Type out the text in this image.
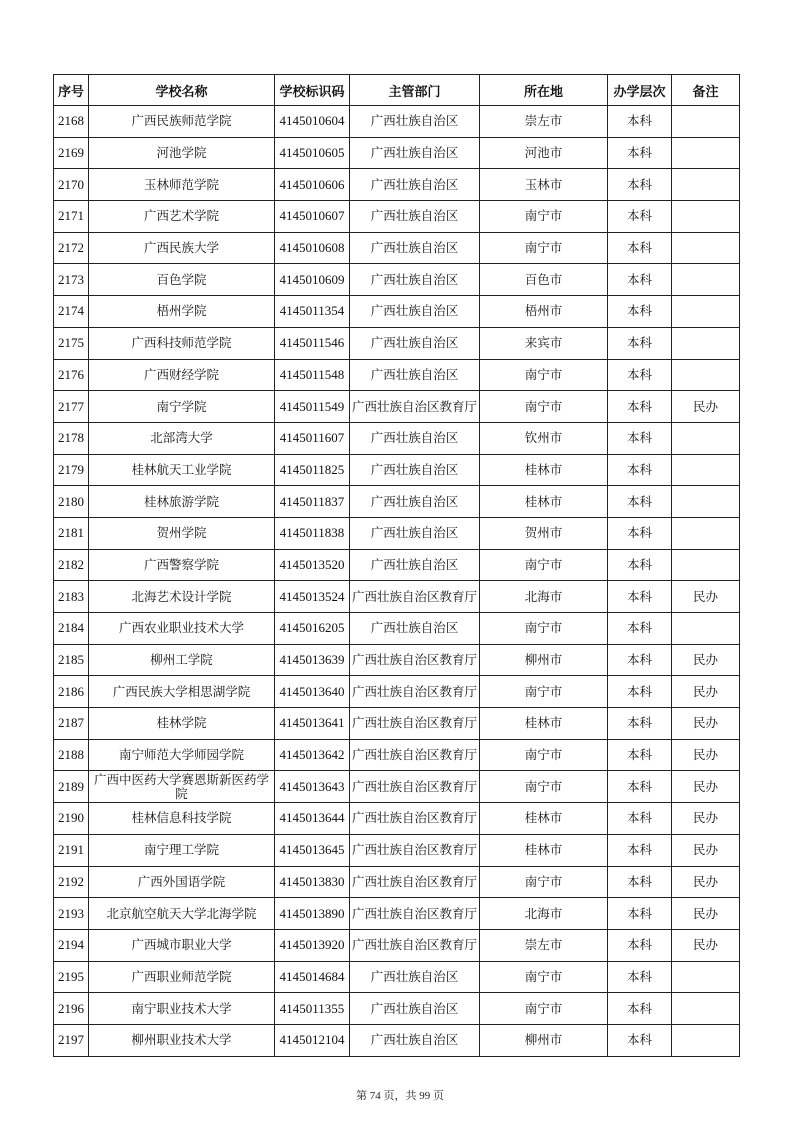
序号	学校名称	学校标识码	主管部门	所在地	办学层次	备注
2168	广西民族师范学院	4145010604	广西壮族自治区	崇左市	本科	
2169	河池学院	4145010605	广西壮族自治区	河池市	本科	
2170	玉林师范学院	4145010606	广西壮族自治区	玉林市	本科	
2171	广西艺术学院	4145010607	广西壮族自治区	南宁市	本科	
2172	广西民族大学	4145010608	广西壮族自治区	南宁市	本科	
2173	百色学院	4145010609	广西壮族自治区	百色市	本科	
2174	梧州学院	4145011354	广西壮族自治区	梧州市	本科	
2175	广西科技师范学院	4145011546	广西壮族自治区	来宾市	本科	
2176	广西财经学院	4145011548	广西壮族自治区	南宁市	本科	
2177	南宁学院	4145011549	广西壮族自治区教育厅	南宁市	本科	民办
2178	北部湾大学	4145011607	广西壮族自治区	钦州市	本科	
2179	桂林航天工业学院	4145011825	广西壮族自治区	桂林市	本科	
2180	桂林旅游学院	4145011837	广西壮族自治区	桂林市	本科	
2181	贺州学院	4145011838	广西壮族自治区	贺州市	本科	
2182	广西警察学院	4145013520	广西壮族自治区	南宁市	本科	
2183	北海艺术设计学院	4145013524	广西壮族自治区教育厅	北海市	本科	民办
2184	广西农业职业技术大学	4145016205	广西壮族自治区	南宁市	本科	
2185	柳州工学院	4145013639	广西壮族自治区教育厅	柳州市	本科	民办
2186	广西民族大学相思湖学院	4145013640	广西壮族自治区教育厅	南宁市	本科	民办
2187	桂林学院	4145013641	广西壮族自治区教育厅	桂林市	本科	民办
2188	南宁师范大学师园学院	4145013642	广西壮族自治区教育厅	南宁市	本科	民办
2189	广西中医药大学赛恩斯新医药学院	4145013643	广西壮族自治区教育厅	南宁市	本科	民办
2190	桂林信息科技学院	4145013644	广西壮族自治区教育厅	桂林市	本科	民办
2191	南宁理工学院	4145013645	广西壮族自治区教育厅	桂林市	本科	民办
2192	广西外国语学院	4145013830	广西壮族自治区教育厅	南宁市	本科	民办
2193	北京航空航天大学北海学院	4145013890	广西壮族自治区教育厅	北海市	本科	民办
2194	广西城市职业大学	4145013920	广西壮族自治区教育厅	崇左市	本科	民办
2195	广西职业师范学院	4145014684	广西壮族自治区	南宁市	本科	
2196	南宁职业技术大学	4145011355	广西壮族自治区	南宁市	本科	
2197	柳州职业技术大学	4145012104	广西壮族自治区	柳州市	本科	
第 74 页，共 99 页
